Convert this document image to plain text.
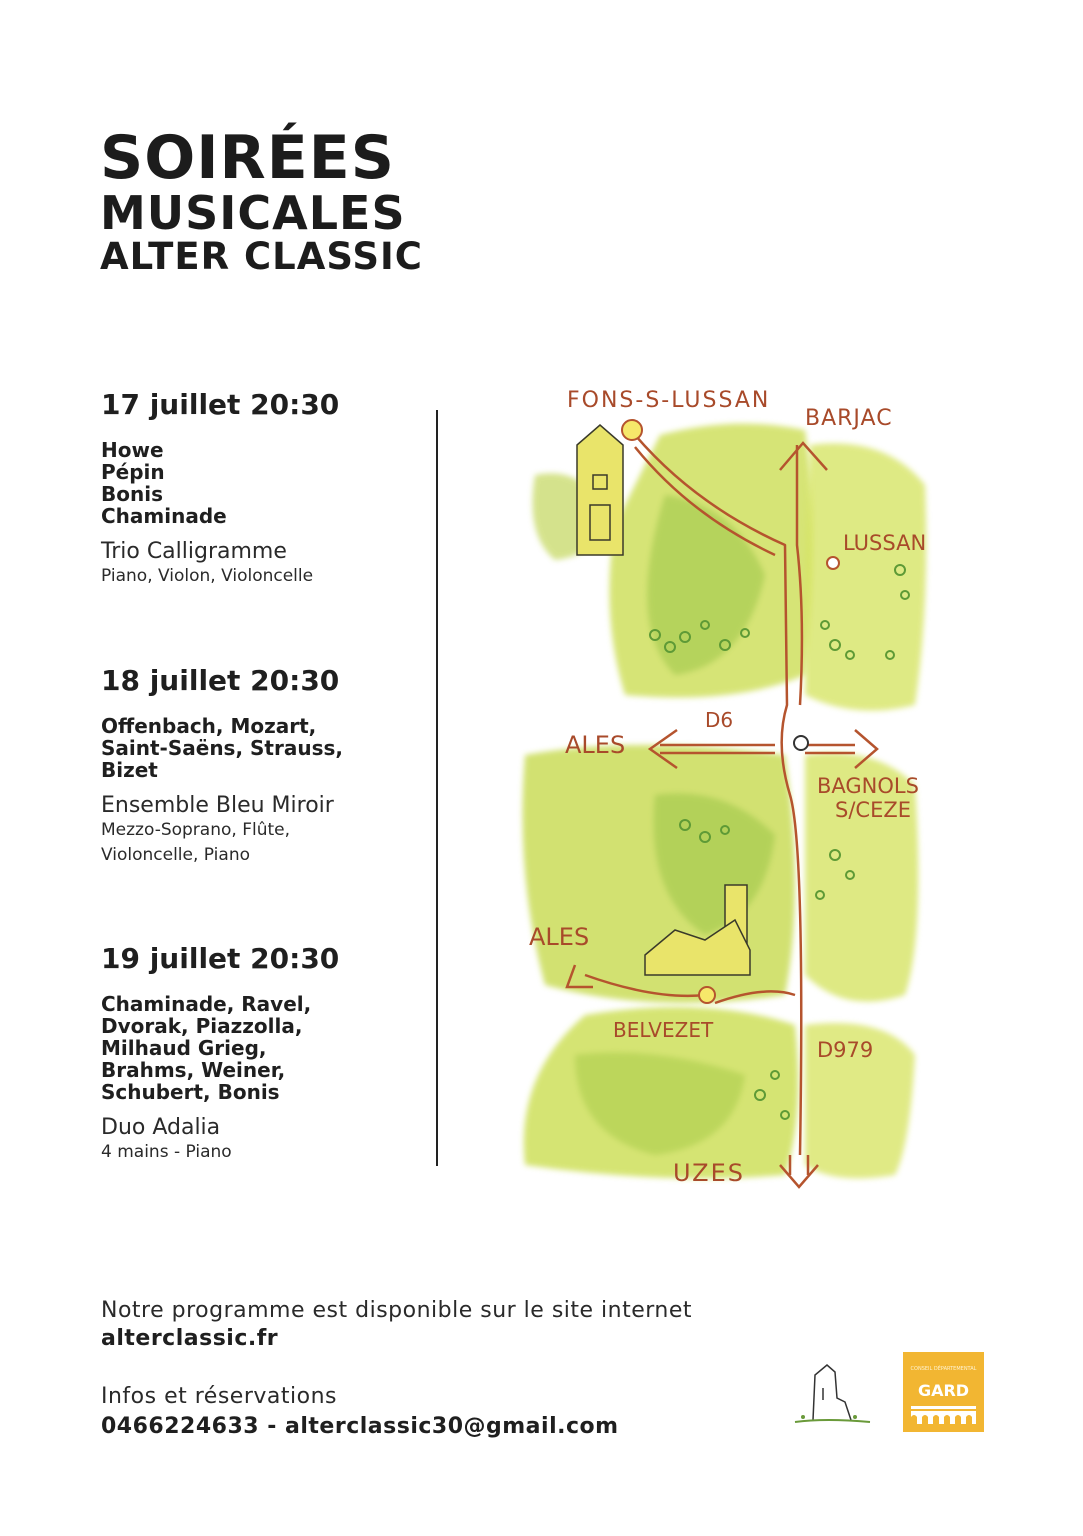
SOIRÉES
MUSICALES
ALTER CLASSIC
17 juillet 20:30
Howe
Pépin
Bonis
Chaminade
Trio Calligramme
Piano, Violon, Violoncelle
18 juillet 20:30
Offenbach, Mozart,
Saint-Saëns, Strauss,
Bizet
Ensemble Bleu Miroir
Mezzo-Soprano, Flûte,
Violoncelle, Piano
19 juillet 20:30
Chaminade, Ravel,
Dvorak, Piazzolla,
Milhaud Grieg,
Brahms, Weiner,
Schubert, Bonis
Duo Adalia
4 mains - Piano
FONS-S-LUSSAN
BARJAC
LUSSAN
D6
ALES
BAGNOLS
S/CEZE
ALES
BELVEZET
D979
UZES
Notre programme est disponible sur le site internet
alterclassic.fr
Infos et réservations
0466224633 - alterclassic30@gmail.com
CONSEIL DÉPARTEMENTAL
GARD
